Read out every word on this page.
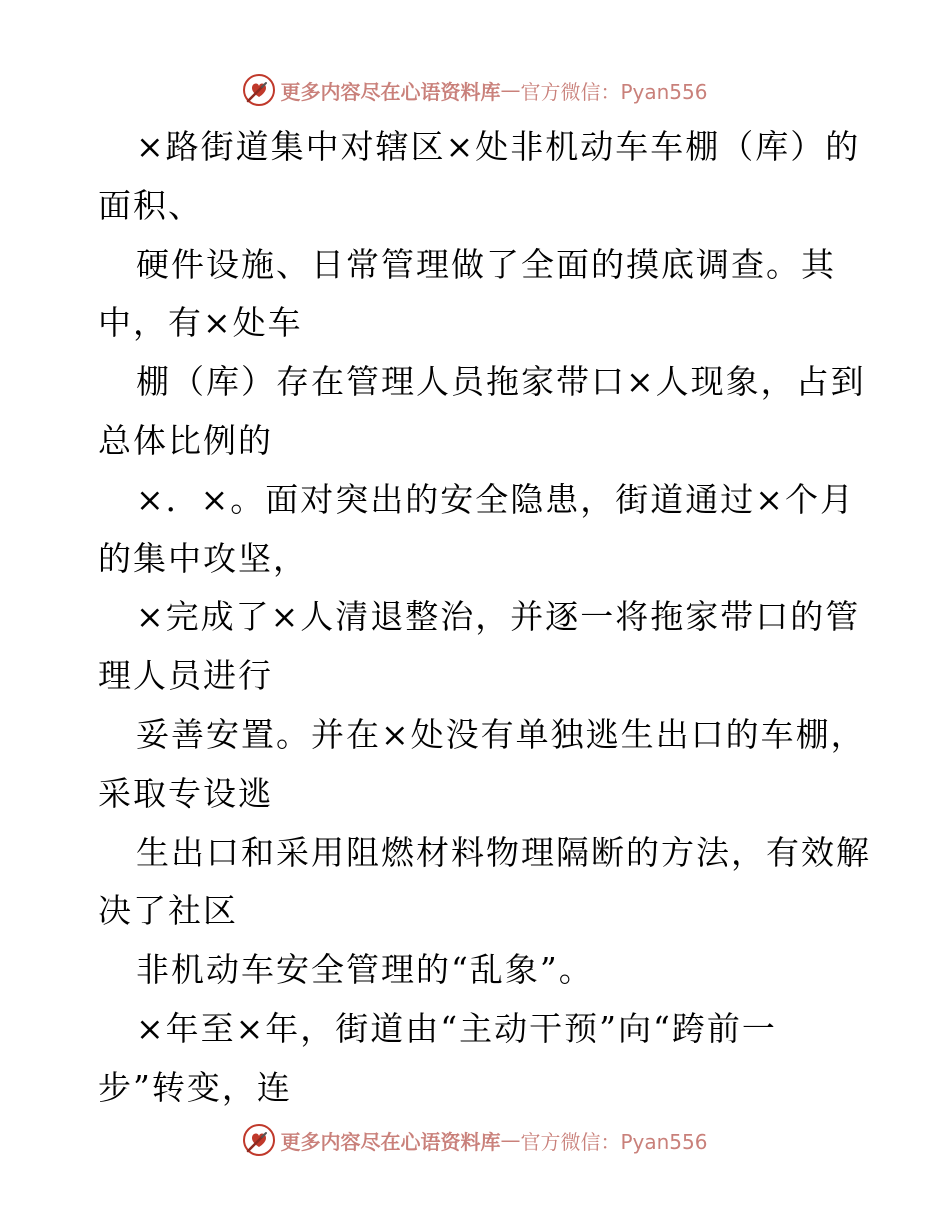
更多内容尽在心语资料库 — 官方微信：Pyan556
×路街道集中对辖区×处非机动车车棚（库）的
面积、
硬件设施、日常管理做了全面的摸底调查。其
中，有×处车
棚（库）存在管理人员拖家带口×人现象，占到
总体比例的
×．×。面对突出的安全隐患，街道通过×个月
的集中攻坚，
×完成了×人清退整治，并逐一将拖家带口的管
理人员进行
妥善安置。并在×处没有单独逃生出口的车棚，
采取专设逃
生出口和采用阻燃材料物理隔断的方法，有效解
决了社区
非机动车安全管理的“乱象”。
×年至×年，街道由“主动干预”向“跨前一
步”转变，连
更多内容尽在心语资料库 — 官方微信：Pyan556
